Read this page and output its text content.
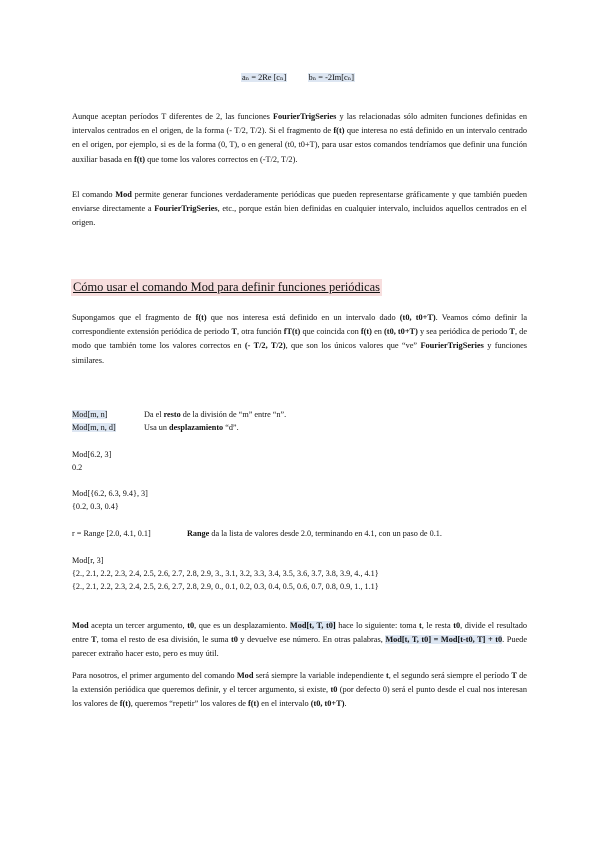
aₙ = 2Re [cₙ]	bₙ = -2Im[cₙ]
Aunque aceptan períodos T diferentes de 2, las funciones FourierTrigSeries y las relacionadas sólo admiten funciones definidas en intervalos centrados en el origen, de la forma (- T/2, T/2). Si el fragmento de f(t) que interesa no está definido en un intervalo centrado en el origen, por ejemplo, si es de la forma (0, T), o en general (t0, t0+T), para usar estos comandos tendríamos que definir una función auxiliar basada en f(t) que tome los valores correctos en (-T/2, T/2).
El comando Mod permite generar funciones verdaderamente periódicas que pueden representarse gráficamente y que también pueden enviarse directamente a FourierTrigSeries, etc., porque están bien definidas en cualquier intervalo, incluidos aquellos centrados en el origen.
Cómo usar el comando Mod para definir funciones periódicas
Supongamos que el fragmento de f(t) que nos interesa está definido en un intervalo dado (t0, t0+T). Veamos cómo definir la correspondiente extensión periódica de periodo T, otra función fT(t) que coincida con f(t) en (t0, t0+T) y sea periódica de periodo T, de modo que también tome los valores correctos en (- T/2, T/2), que son los únicos valores que “ve” FourierTrigSeries y funciones similares.
Mod[m, n]	Da el resto de la división de “m” entre “n”.
Mod[m, n, d]	Usa un desplazamiento “d”.
Mod[6.2, 3]
0.2
Mod[{6.2, 6.3, 9.4}, 3]
{0.2, 0.3, 0.4}
r = Range [2.0, 4.1, 0.1]	Range da la lista de valores desde 2.0, terminando en 4.1, con un paso de 0.1.
Mod[r, 3]
{2., 2.1, 2.2, 2.3, 2.4, 2.5, 2.6, 2.7, 2.8, 2.9, 3., 3.1, 3.2, 3.3, 3.4, 3.5, 3.6, 3.7, 3.8, 3.9, 4., 4.1}
{2., 2.1, 2.2, 2.3, 2.4, 2.5, 2.6, 2.7, 2.8, 2.9, 0., 0.1, 0.2, 0.3, 0.4, 0.5, 0.6, 0.7, 0.8, 0.9, 1., 1.1}
Mod acepta un tercer argumento, t0, que es un desplazamiento. Mod[t, T, t0] hace lo siguiente: toma t, le resta t0, divide el resultado entre T, toma el resto de esa división, le suma t0 y devuelve ese número. En otras palabras, Mod[t, T, t0] = Mod[t-t0, T] + t0. Puede parecer extraño hacer esto, pero es muy útil.
Para nosotros, el primer argumento del comando Mod será siempre la variable independiente t, el segundo será siempre el período T de la extensión periódica que queremos definir, y el tercer argumento, si existe, t0 (por defecto 0) será el punto desde el cual nos interesan los valores de f(t), queremos “repetir” los valores de f(t) en el intervalo (t0, t0+T).
